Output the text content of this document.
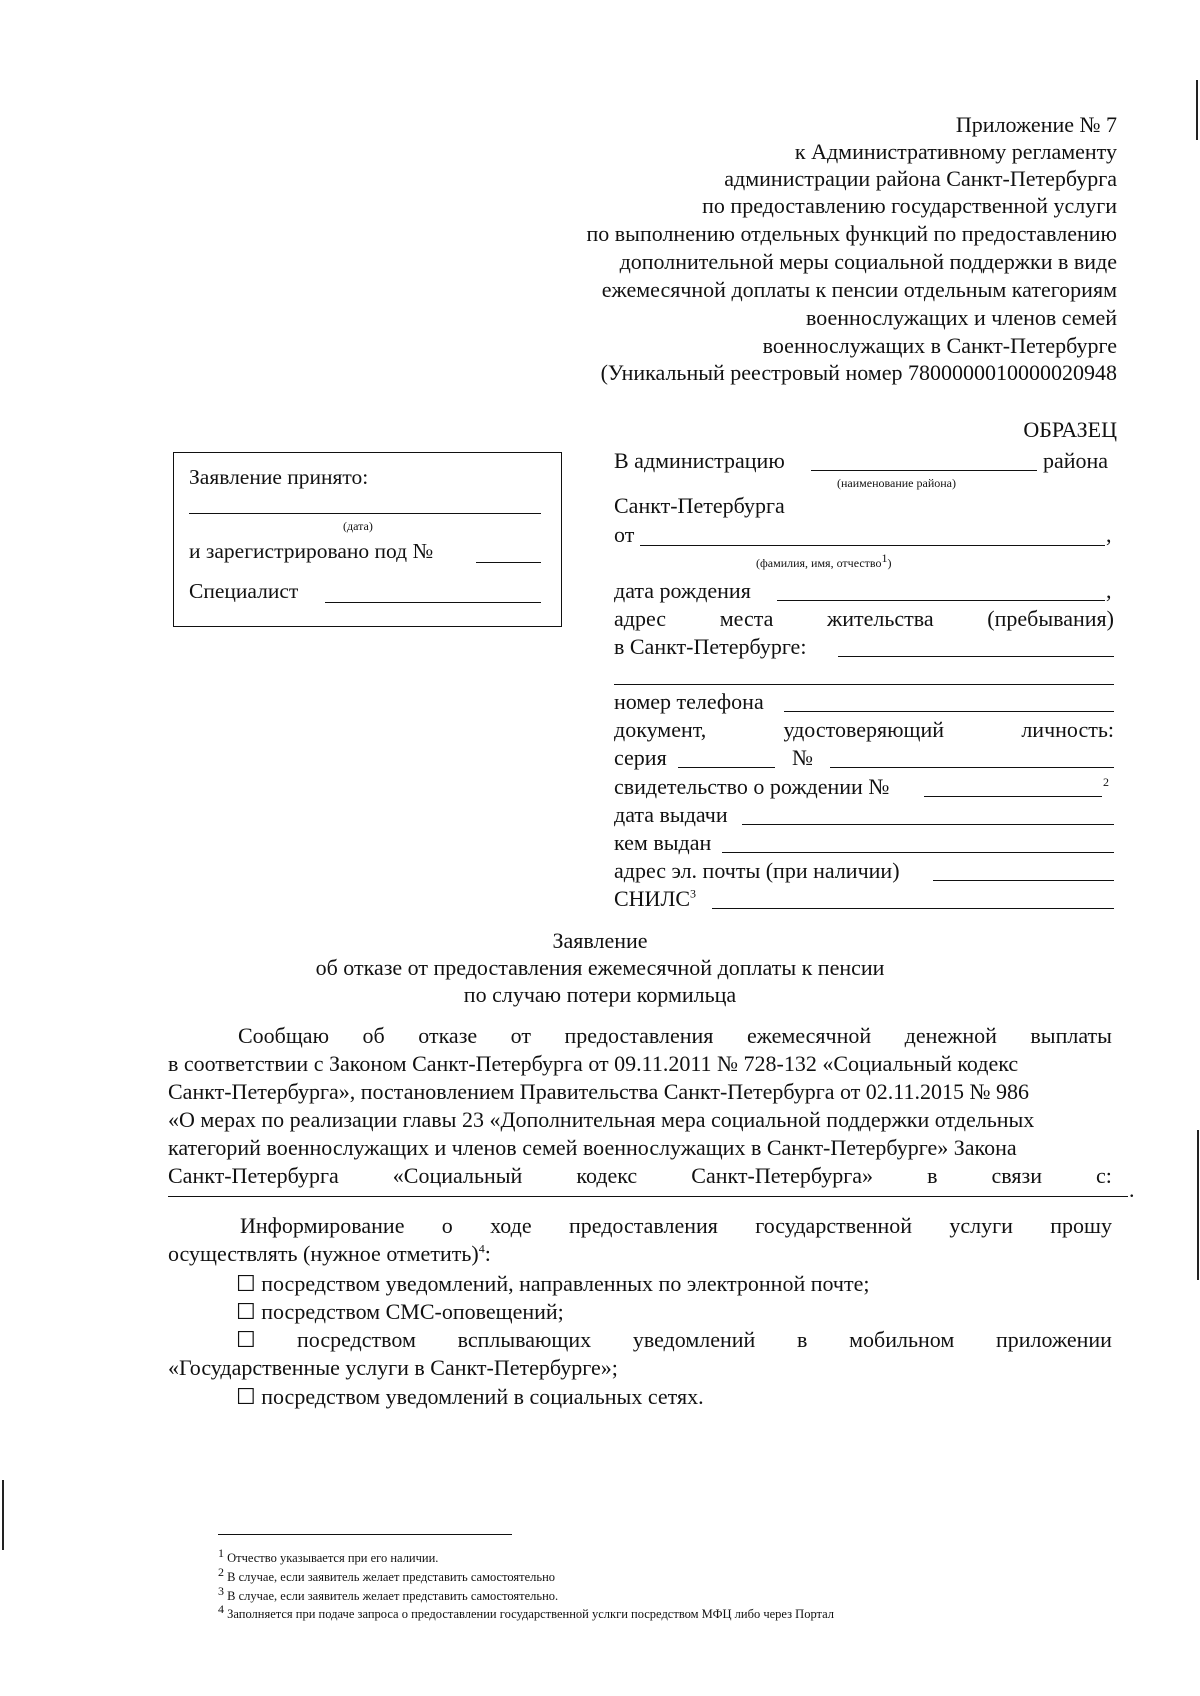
Приложение № 7
к Административному регламенту
администрации района Санкт-Петербурга
по предоставлению государственной услуги
по выполнению отдельных функций по предоставлению
дополнительной меры социальной поддержки в виде
ежемесячной доплаты к пенсии отдельным категориям
военнослужащих и членов семей
военнослужащих в Санкт-Петербурге
(Уникальный реестровый номер 7800000010000020948
ОБРАЗЕЦ
Заявление принято:
(дата)
и зарегистрировано под №
Специалист
В администрацию	района
(наименование района)
Санкт-Петербурга
от	,
(фамилия, имя, отчество$^1$)
дата рождения	,
адрес места жительства (пребывания)
в Санкт-Петербурге:
номер телефона
документ,	удостоверяющий	личность:
серия	№
свидетельство о рождении №	2
дата выдачи
кем выдан
адрес эл. почты (при наличии)
СНИЛС$^3$
Заявление
об отказе от предоставления ежемесячной доплаты к пенсии
по случаю потери кормильца
Сообщаю об отказе от предоставления ежемесячной денежной выплаты
в соответствии с Законом Санкт-Петербурга от 09.11.2011 № 728-132 «Социальный кодекс
Санкт-Петербурга», постановлением Правительства Санкт-Петербурга от 02.11.2015 № 986
«О мерах по реализации главы 23 «Дополнительная мера социальной поддержки отдельных
категорий военнослужащих и членов семей военнослужащих в Санкт-Петербурге» Закона
Санкт-Петербурга «Социальный кодекс Санкт-Петербурга» в связи с:
.
Информирование о ходе предоставления государственной услуги прошу
осуществлять (нужное отметить)$^4$:
☐ посредством уведомлений, направленных по электронной почте;
☐ посредством СМС-оповещений;
☐ посредством всплывающих уведомлений в мобильном приложении
«Государственные услуги в Санкт-Петербурге»;
☐ посредством уведомлений в социальных сетях.
$^1$ Отчество указывается при его наличии.
$^2$ В случае, если заявитель желает представить самостоятельно
$^3$ В случае, если заявитель желает представить самостоятельно.
$^4$ Заполняется при подаче запроса о предоставлении государственной услкги посредством МФЦ либо через Портал
